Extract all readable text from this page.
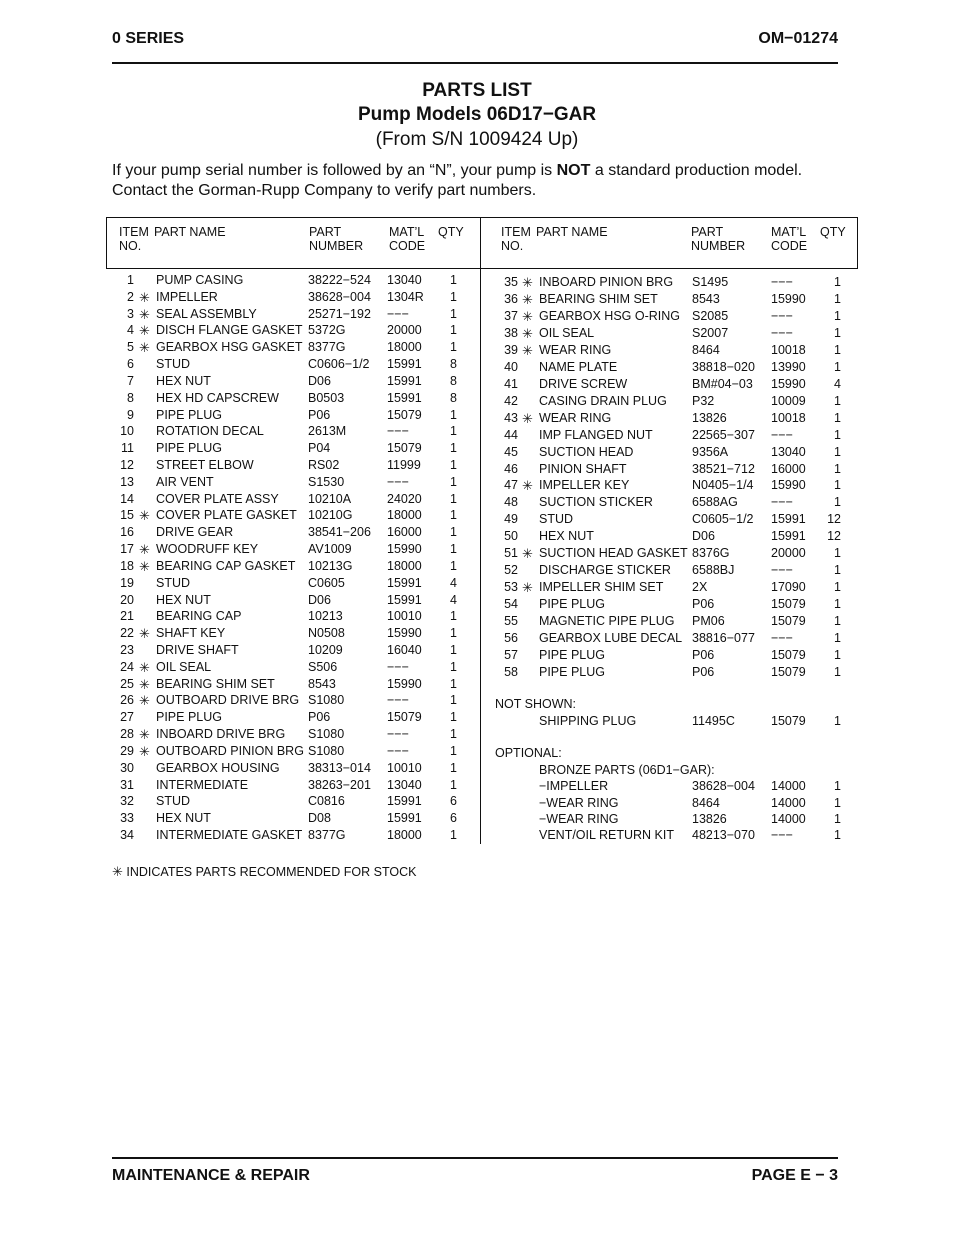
0 SERIES	OM−01274
PARTS LIST
Pump Models 06D17−GAR
(From S/N 1009424 Up)
If your pump serial number is followed by an “N”, your pump is NOT a standard production model. Contact the Gorman-Rupp Company to verify part numbers.
ITEM
NO.
PART NAME	PART
NUMBER
MAT’L
CODE
QTY	ITEM
NO.
PART NAME	PART
NUMBER
MAT’L
CODE
QTY
1 PUMP CASING	38222−524 13040	1
2 ✳ IMPELLER	38628−004 1304R	1
3 ✳ SEAL ASSEMBLY	25271−192 −−−	1
4 ✳ DISCH FLANGE GASKET 5372G	20000	1
5 ✳ GEARBOX HSG GASKET 8377G	18000	1
6 STUD	C0606−1/2 15991	8
7 HEX NUT	D06	15991	8
8 HEX HD CAPSCREW B0503	15991	8
9 PIPE PLUG	P06	15079	1
10 ROTATION DECAL	2613M	−−−	1
11 PIPE PLUG	P04	15079	1
12 STREET ELBOW	RS02	11999	1
13 AIR VENT	S1530	−−−	1
14 COVER PLATE ASSY 10210A	24020	1
15 ✳ COVER PLATE GASKET 10210G	18000	1
16 DRIVE GEAR	38541−206 16000	1
17 ✳ WOODRUFF KEY	AV1009	15990	1
18 ✳ BEARING CAP GASKET 10213G	18000	1
19 STUD	C0605	15991	4
20 HEX NUT	D06	15991	4
21 BEARING CAP	10213	10010	1
22 ✳ SHAFT KEY	N0508	15990	1
23 DRIVE SHAFT	10209	16040	1
24 ✳ OIL SEAL	S506	−−−	1
25 ✳ BEARING SHIM SET	8543	15990	1
26 ✳ OUTBOARD DRIVE BRG S1080	−−−	1
27 PIPE PLUG	P06	15079	1
28 ✳ INBOARD DRIVE BRG S1080	−−−	1
29 ✳ OUTBOARD PINION BRG S1080	−−−	1
30 GEARBOX HOUSING 38313−014 10010	1
31 INTERMEDIATE	38263−201 13040	1
32 STUD	C0816	15991	6
33 HEX NUT	D08	15991	6
34 INTERMEDIATE GASKET 8377G	18000	1
35 ✳ INBOARD PINION BRG S1495	−−−	1
36 ✳ BEARING SHIM SET	8543	15990	1
37 ✳ GEARBOX HSG O-RING S2085	−−−	1
38 ✳ OIL SEAL	S2007	−−−	1
39 ✳ WEAR RING	8464	10018	1
40 NAME PLATE	38818−020 13990	1
41 DRIVE SCREW	BM#04−03 15990	4
42 CASING DRAIN PLUG P32	10009	1
43 ✳ WEAR RING	13826	10018	1
44 IMP FLANGED NUT	22565−307 −−−	1
45 SUCTION HEAD	9356A	13040	1
46 PINION SHAFT	38521−712 16000	1
47 ✳ IMPELLER KEY	N0405−1/4 15990	1
48 SUCTION STICKER	6588AG	−−−	1
49 STUD	C0605−1/2 15991	12
50 HEX NUT	D06	15991	12
51 ✳ SUCTION HEAD GASKET 8376G	20000	1
52 DISCHARGE STICKER 6588BJ	−−−	1
53 ✳ IMPELLER SHIM SET 2X	17090	1
54 PIPE PLUG	P06	15079	1
55 MAGNETIC PIPE PLUG PM06	15079	1
56 GEARBOX LUBE DECAL 38816−077 −−−	1
57 PIPE PLUG	P06	15079	1
58 PIPE PLUG	P06	15079	1
NOT SHOWN:
SHIPPING PLUG	11495C	15079	1
OPTIONAL:
BRONZE PARTS (06D1−GAR):
−IMPELLER	38628−004 14000	1
−WEAR RING	8464	14000	1
−WEAR RING	13826	14000	1
VENT/OIL RETURN KIT 48213−070 −−−	1
✳ INDICATES PARTS RECOMMENDED FOR STOCK
MAINTENANCE & REPAIR	PAGE E − 3
